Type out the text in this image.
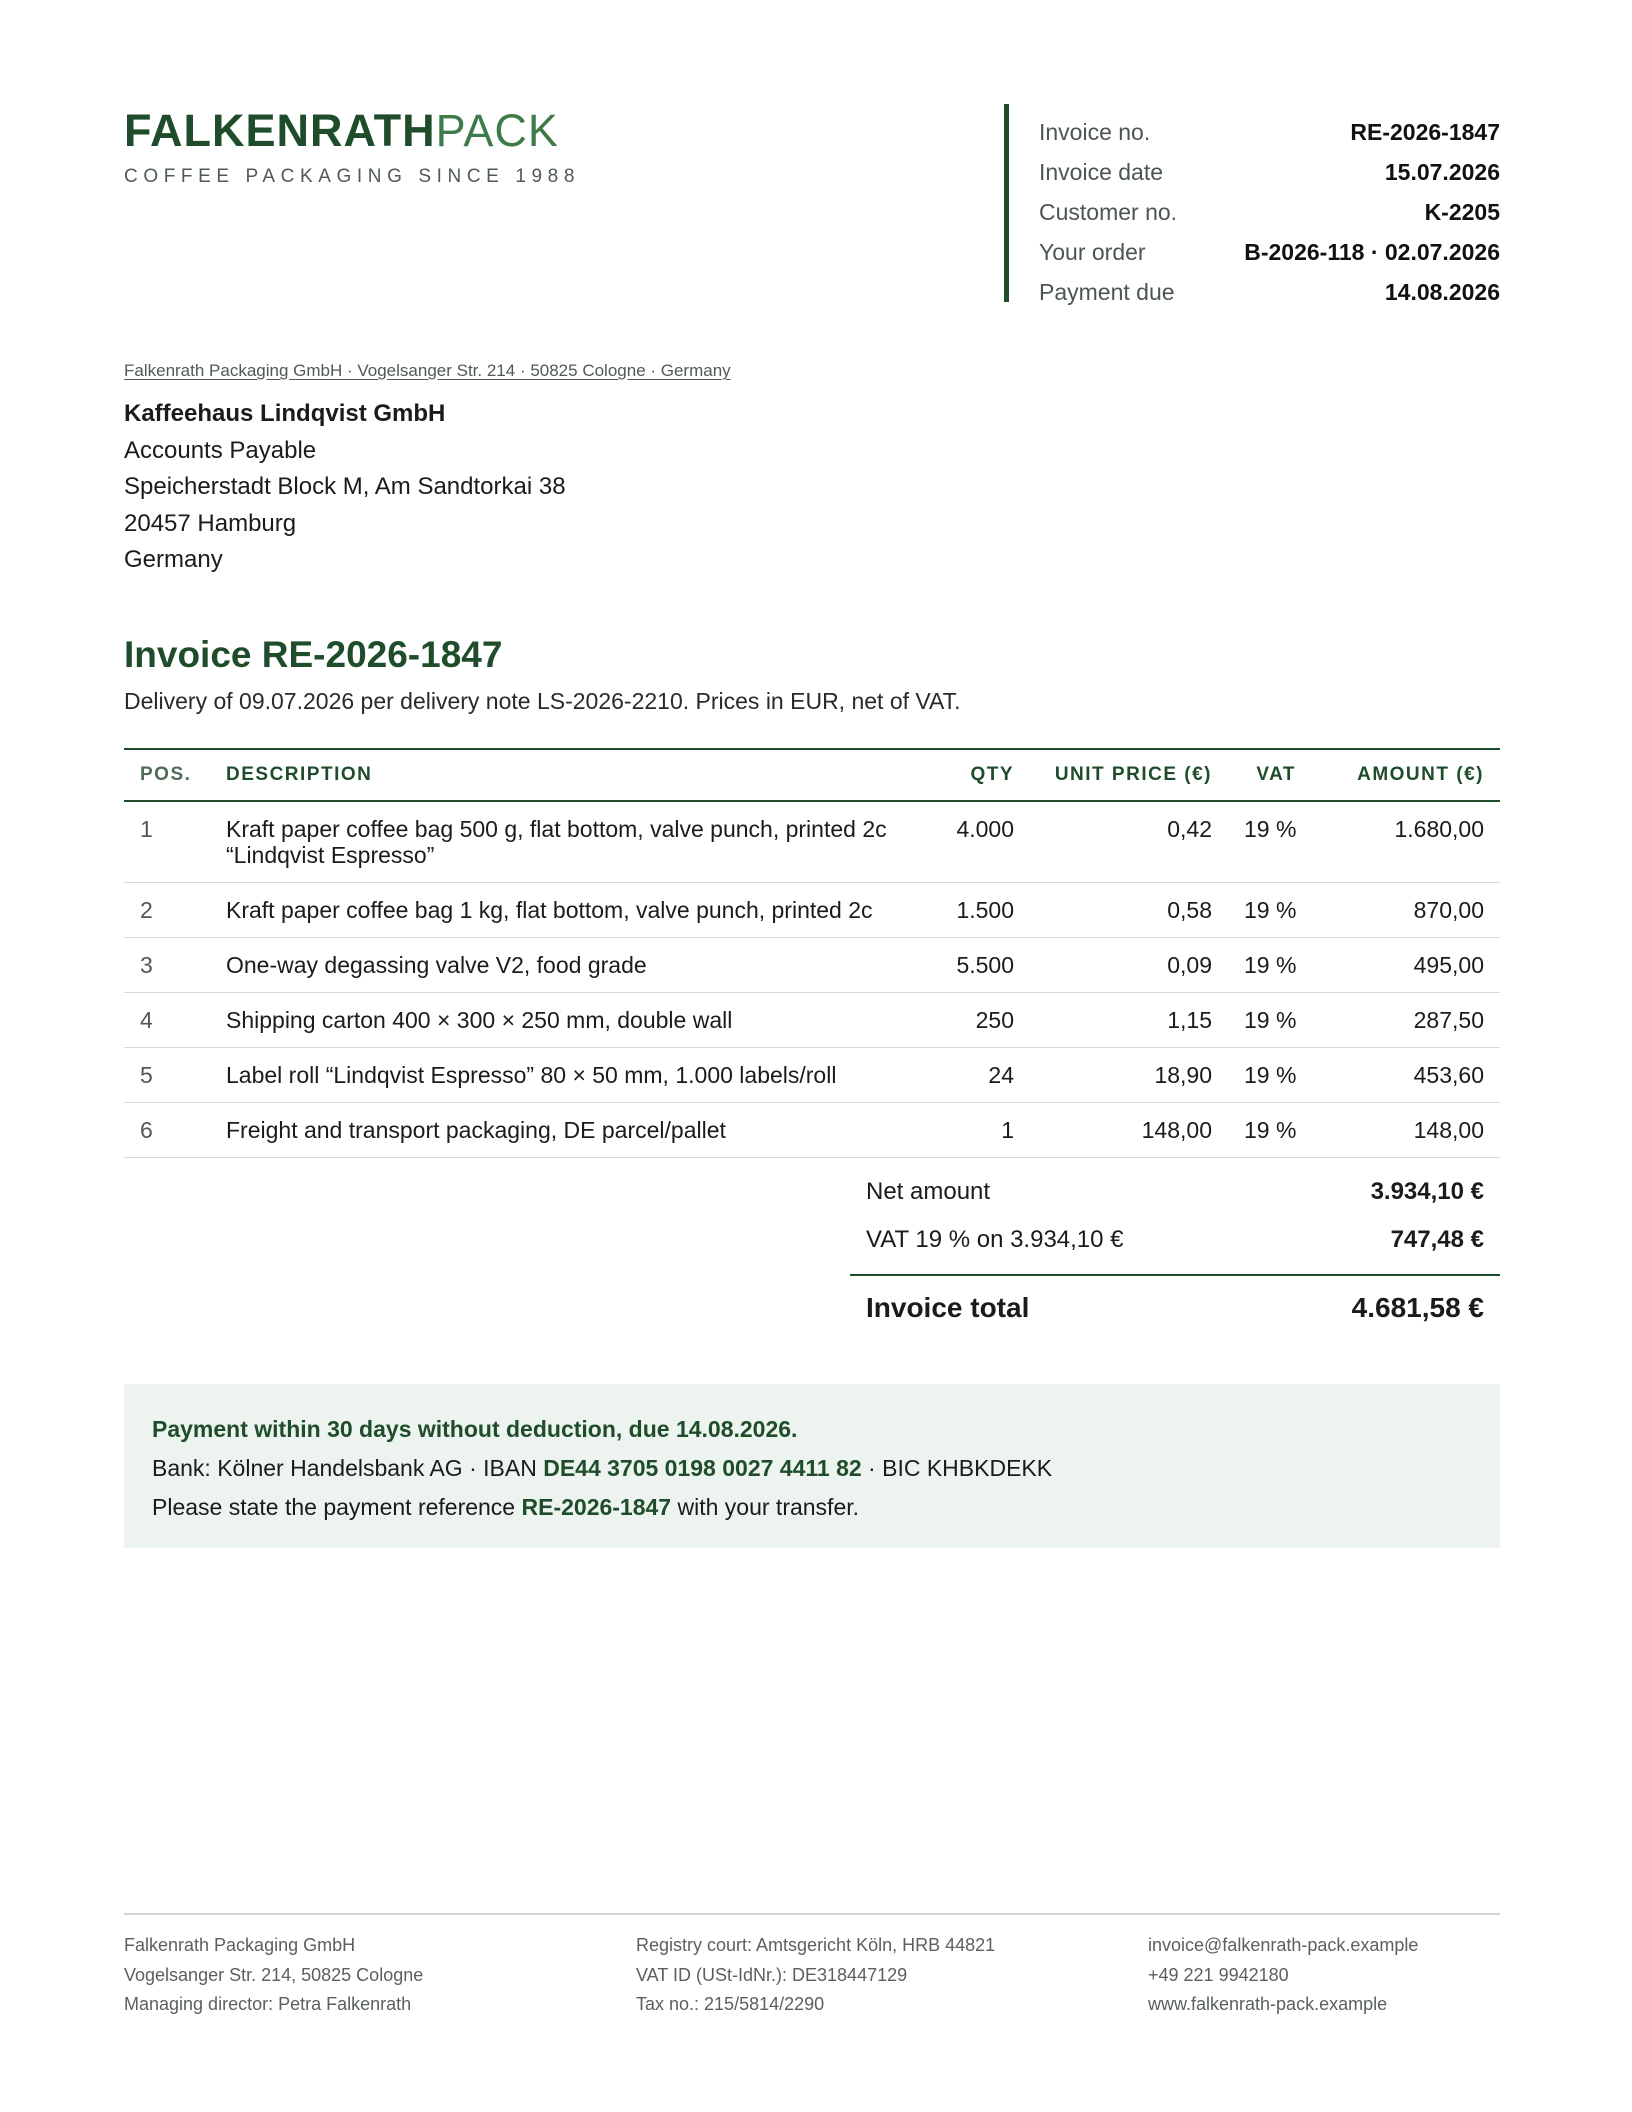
FALKENRATHPACK
COFFEE PACKAGING SINCE 1988
Invoice no.	RE-2026-1847
Invoice date	15.07.2026
Customer no.	K-2205
Your order	B-2026-118 · 02.07.2026
Payment due	14.08.2026
Falkenrath Packaging GmbH · Vogelsanger Str. 214 · 50825 Cologne · Germany
Kaffeehaus Lindqvist GmbH
Accounts Payable
Speicherstadt Block M, Am Sandtorkai 38
20457 Hamburg
Germany
Invoice RE-2026-1847
Delivery of 09.07.2026 per delivery note LS-2026-2210. Prices in EUR, net of VAT.
POS.	DESCRIPTION	QTY	UNIT PRICE (€)	VAT	AMOUNT (€)
1	Kraft paper coffee bag 500 g, flat bottom, valve punch, printed 2c “Lindqvist Espresso”	4.000	0,42	19 %	1.680,00
2	Kraft paper coffee bag 1 kg, flat bottom, valve punch, printed 2c	1.500	0,58	19 %	870,00
3	One-way degassing valve V2, food grade	5.500	0,09	19 %	495,00
4	Shipping carton 400 × 300 × 250 mm, double wall	250	1,15	19 %	287,50
5	Label roll “Lindqvist Espresso” 80 × 50 mm, 1.000 labels/roll	24	18,90	19 %	453,60
6	Freight and transport packaging, DE parcel/pallet	1	148,00	19 %	148,00
Net amount	3.934,10 €
VAT 19 % on 3.934,10 €	747,48 €
Invoice total	4.681,58 €
Payment within 30 days without deduction, due 14.08.2026.
Bank: Kölner Handelsbank AG · IBAN DE44 3705 0198 0027 4411 82 · BIC KHBKDEKK
Please state the payment reference RE-2026-1847 with your transfer.
Falkenrath Packaging GmbH
Vogelsanger Str. 214, 50825 Cologne
Managing director: Petra Falkenrath
Registry court: Amtsgericht Köln, HRB 44821
VAT ID (USt-IdNr.): DE318447129
Tax no.: 215/5814/2290
invoice@falkenrath-pack.example
+49 221 9942180
www.falkenrath-pack.example
